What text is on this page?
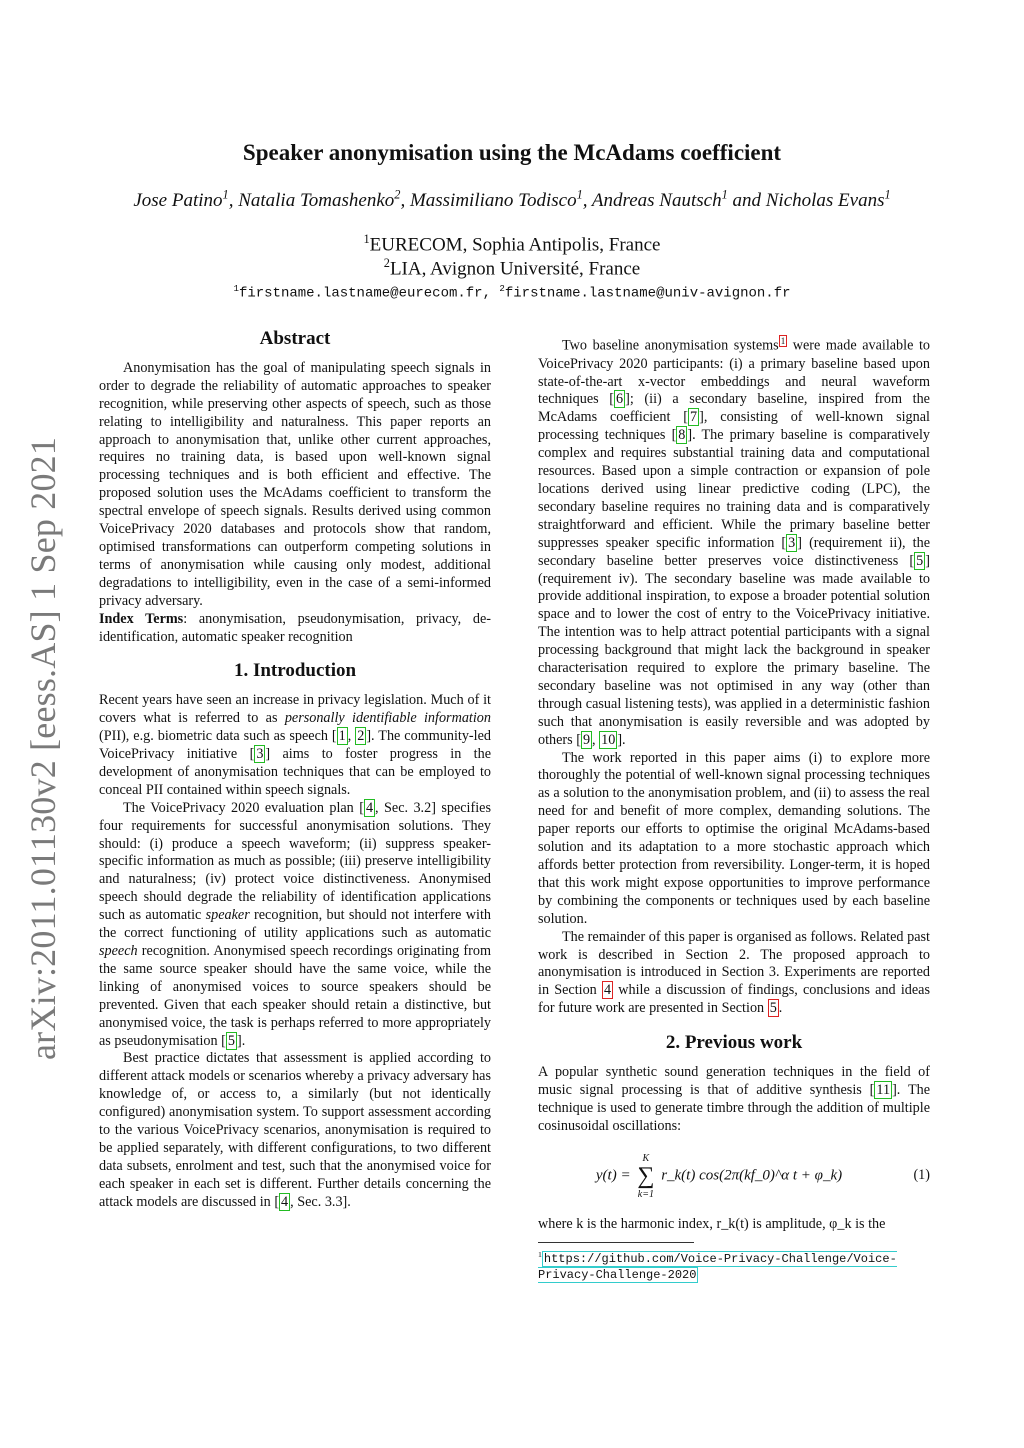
arXiv:2011.01130v2 [eess.AS] 1 Sep 2021
Speaker anonymisation using the McAdams coefficient
Jose Patino$^1$, Natalia Tomashenko$^2$, Massimiliano Todisco$^1$, Andreas Nautsch$^1$ and Nicholas Evans$^1$
$^1$EURECOM, Sophia Antipolis, France
$^2$LIA, Avignon Université, France
$^1$firstname.lastname@eurecom.fr, $^2$firstname.lastname@univ-avignon.fr
Abstract

Anonymisation has the goal of manipulating speech signals in order to degrade the reliability of automatic approaches to speaker recognition, while preserving other aspects of speech, such as those relating to intelligibility and naturalness. This paper reports an approach to anonymisation that, unlike other current approaches, requires no training data, is based upon well-known signal processing techniques and is both efficient and effective. The proposed solution uses the McAdams coefficient to transform the spectral envelope of speech signals. Results derived using common VoicePrivacy 2020 databases and protocols show that random, optimised transformations can outperform competing solutions in terms of anonymisation while causing only modest, additional degradations to intelligibility, even in the case of a semi-informed privacy adversary.

Index Terms: anonymisation, pseudonymisation, privacy, de-identification, automatic speaker recognition

1. Introduction

Recent years have seen an increase in privacy legislation. Much of it covers what is referred to as personally identifiable information (PII), e.g. biometric data such as speech [ 1 , 2 ]. The community-led VoicePrivacy initiative [ 3 ] aims to foster progress in the development of anonymisation techniques that can be employed to conceal PII contained within speech signals.

The VoicePrivacy 2020 evaluation plan [ 4 , Sec. 3.2] specifies four requirements for successful anonymisation solutions. They should: (i) produce a speech waveform; (ii) suppress speaker-specific information as much as possible; (iii) preserve intelligibility and naturalness; (iv) protect voice distinctiveness. Anonymised speech should degrade the reliability of identification applications such as automatic speaker recognition, but should not interfere with the correct functioning of utility applications such as automatic speech recognition. Anonymised speech recordings originating from the same source speaker should have the same voice, while the linking of anonymised voices to source speakers should be prevented. Given that each speaker should retain a distinctive, but anonymised voice, the task is perhaps referred to more appropriately as pseudonymisation [ 5 ].

Best practice dictates that assessment is applied according to different attack models or scenarios whereby a privacy adversary has knowledge of, or access to, a similarly (but not identically configured) anonymisation system. To support assessment according to the various VoicePrivacy scenarios, anonymisation is required to be applied separately, with different configurations, to two different data subsets, enrolment and test, such that the anonymised voice for each speaker in each set is different. Further details concerning the attack models are discussed in [ 4 , Sec. 3.3].

Two baseline anonymisation systems $^1$ were made available to VoicePrivacy 2020 participants: (i) a primary baseline based upon state-of-the-art x-vector embeddings and neural waveform techniques [ 6 ]; (ii) a secondary baseline, inspired from the McAdams coefficient [ 7 ], consisting of well-known signal processing techniques [ 8 ]. The primary baseline is comparatively complex and requires substantial training data and computational resources. Based upon a simple contraction or expansion of pole locations derived using linear predictive coding (LPC), the secondary baseline requires no training data and is comparatively straightforward and efficient. While the primary baseline better suppresses speaker specific information [ 3 ] (requirement ii), the secondary baseline better preserves voice distinctiveness [ 5 ] (requirement iv). The secondary baseline was made available to provide additional inspiration, to expose a broader potential solution space and to lower the cost of entry to the VoicePrivacy initiative. The intention was to help attract potential participants with a signal processing background that might lack the background in speaker characterisation required to explore the primary baseline. The secondary baseline was not optimised in any way (other than through casual listening tests), was applied in a deterministic fashion such that anonymisation is easily reversible and was adopted by others [ 9 , 10 ].

The work reported in this paper aims (i) to explore more thoroughly the potential of well-known signal processing techniques as a solution to the anonymisation problem, and (ii) to assess the real need for and benefit of more complex, demanding solutions. The paper reports our efforts to optimise the original McAdams-based solution and its adaptation to a more stochastic approach which affords better protection from reversibility. Longer-term, it is hoped that this work might expose opportunities to improve performance by combining the components or techniques used by each baseline solution.

The remainder of this paper is organised as follows. Related past work is described in Section 2. The proposed approach to anonymisation is introduced in Section 3. Experiments are reported in Section 4 while a discussion of findings, conclusions and ideas for future work are presented in Section 5 .

2. Previous work

A popular synthetic sound generation techniques in the field of music signal processing is that of additive synthesis [ 11 ]. The technique is used to generate timbre through the addition of multiple cosinusoidal oscillations:

y(t) = K
∑
k=1 r_k(t) cos(2π(kf_0)^α t + φ_k)	(1)

where k is the harmonic index, r_k(t) is amplitude, φ_k is the

$^1$ https://github.com/Voice-Privacy-Challenge/Voice-Privacy-Challenge-2020
